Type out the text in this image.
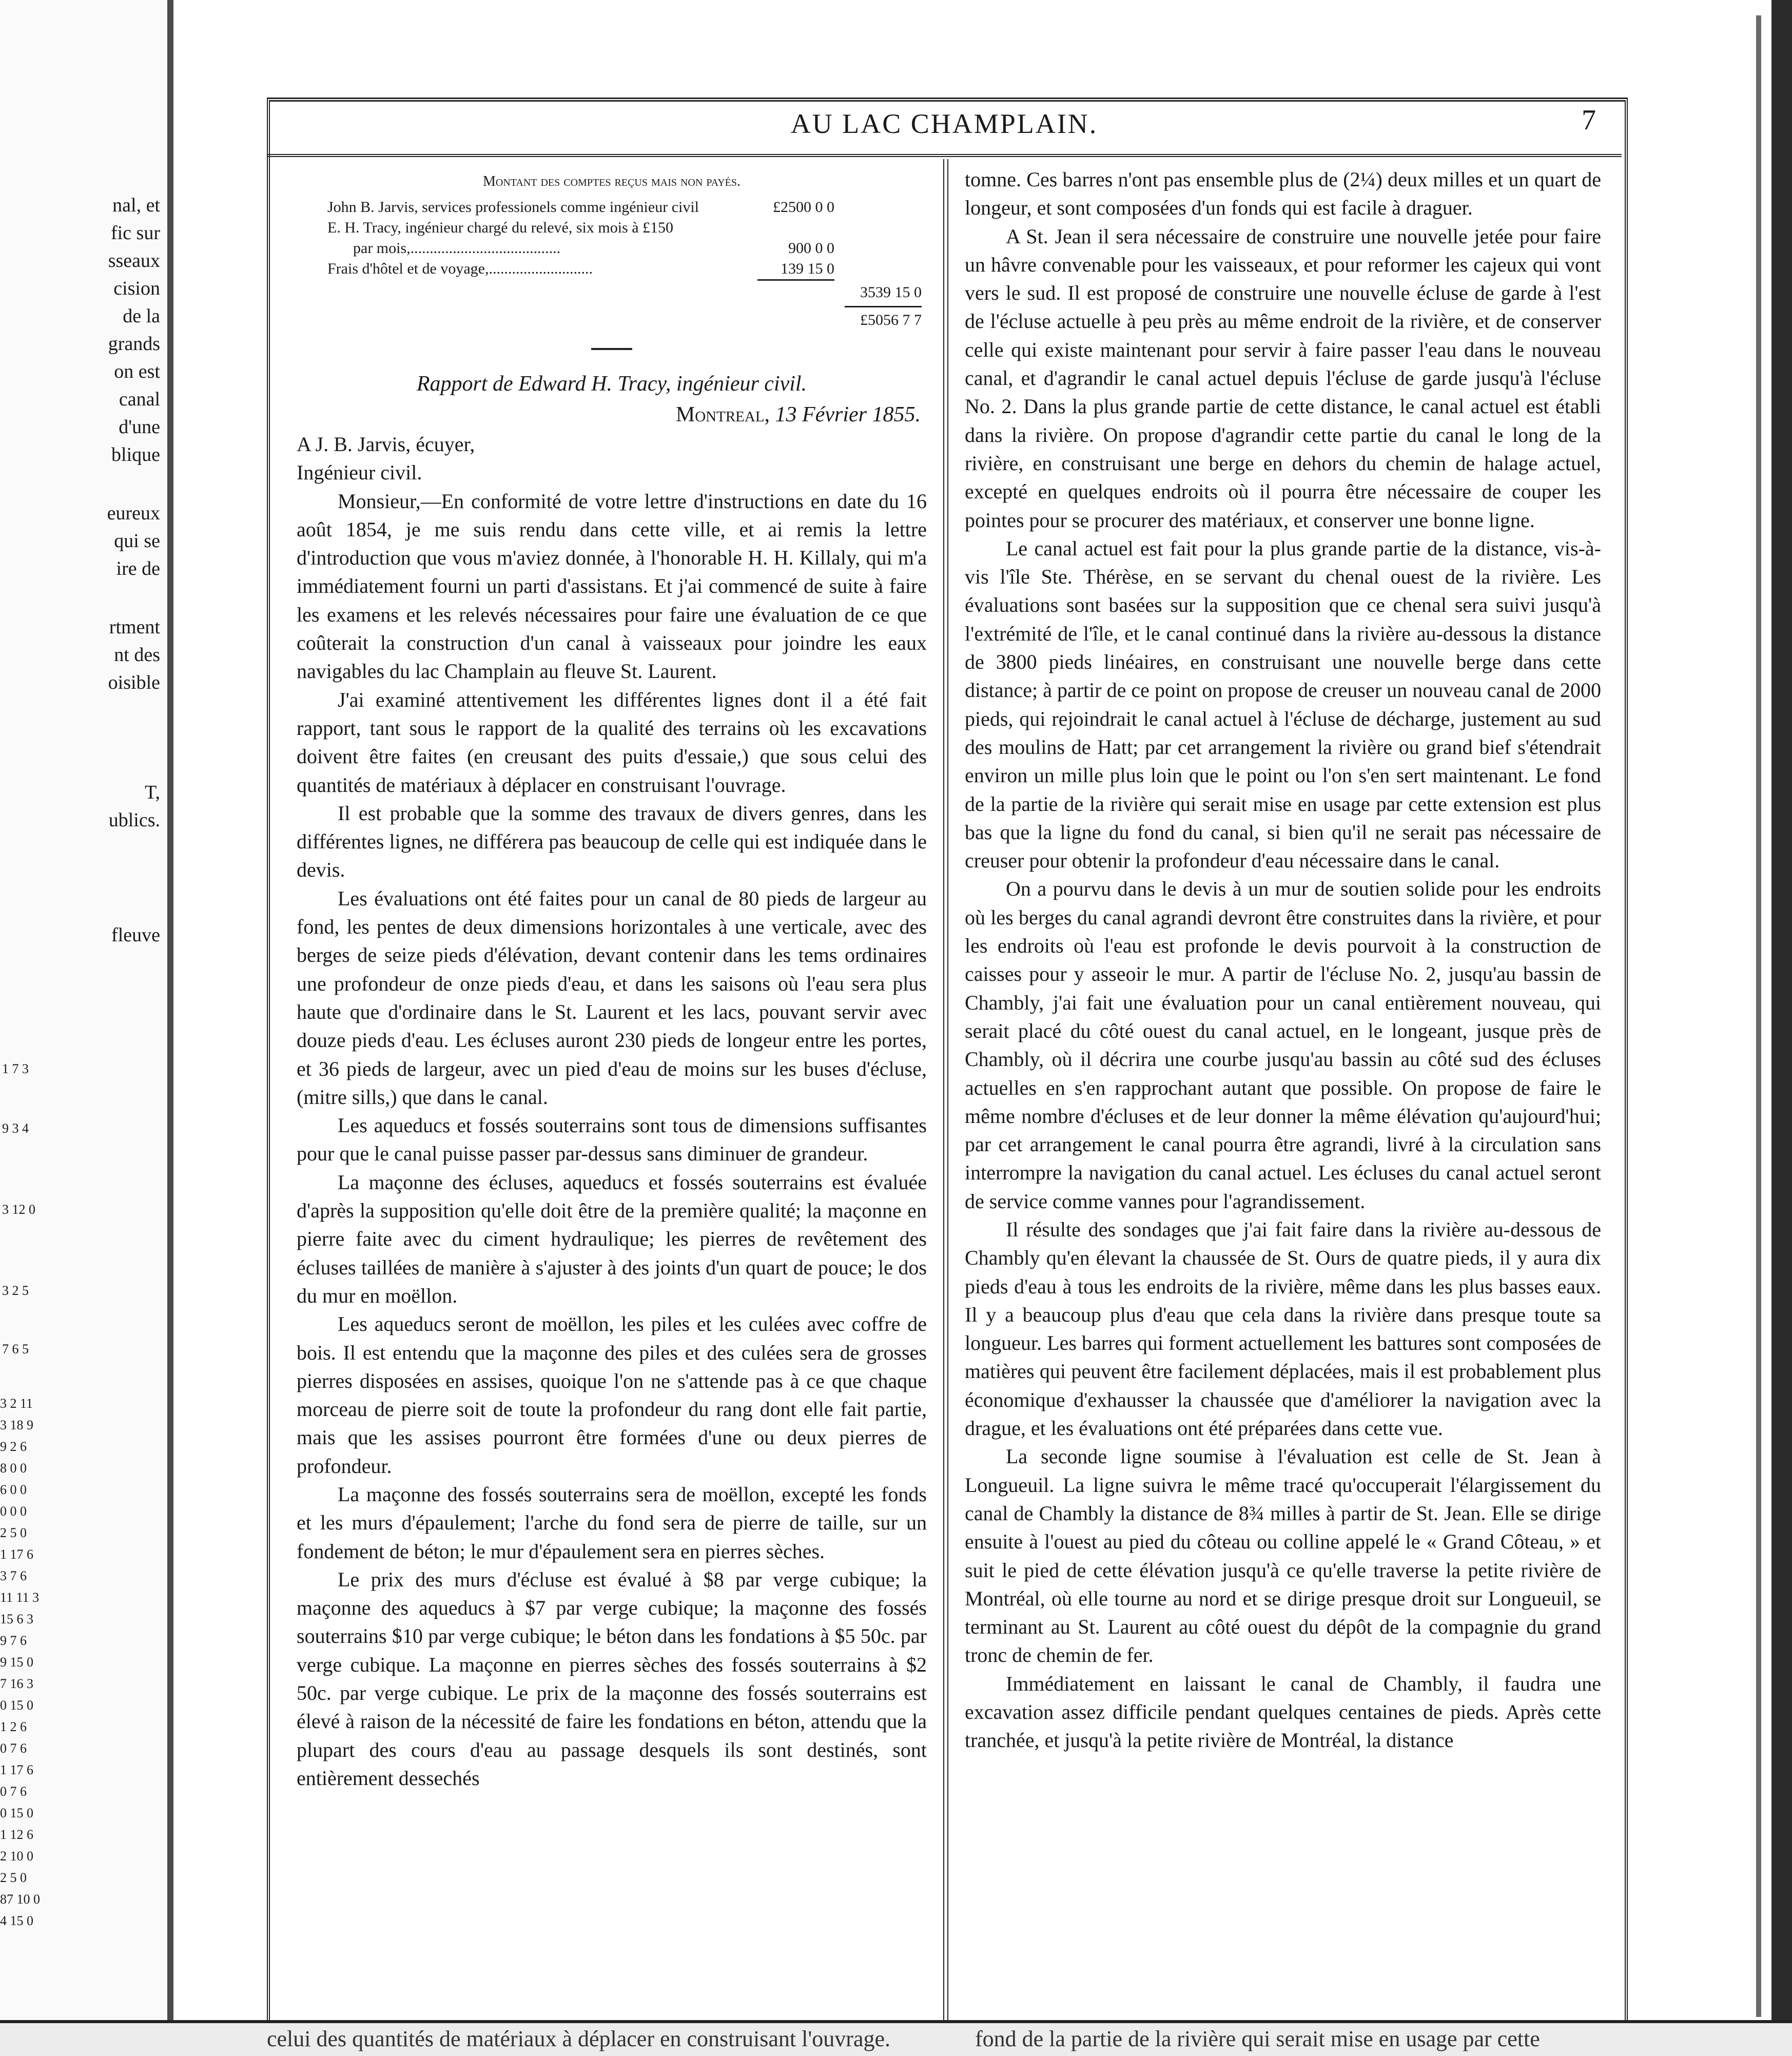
nal, et
fic sur
sseaux
cision
de la
grands
on est
canal
d'une
blique
eureux
qui se
ire de
rtment
nt des
oisible
T,
ublics.
fleuve
1 7 3
9 3 4
3 12 0
3 2 5
7 6 5
3 2 11
3 18 9
9 2 6
8 0 0
6 0 0
0 0 0
2 5 0
1 17 6
3 7 6
11 11 3
15 6 3
9 7 6
9 15 0
7 16 3
0 15 0
1 2 6
0 7 6
1 17 6
0 7 6
0 15 0
1 12 6
2 10 0
2 5 0
87 10 0
4 15 0
AU LAC CHAMPLAIN.	7
Montant des comptes reçus mais non payés.
John B. Jarvis, services professionels comme ingénieur civil	£2500 0 0
E. H. Tracy, ingénieur chargé du relevé, six mois à £150
par mois,.......................................	900 0 0
Frais d'hôtel et de voyage,...........................	139 15 0
3539 15 0
£5056 7 7
Rapport de Edward H. Tracy, ingénieur civil.
Montreal, 13 Février 1855.

A J. B. Jarvis, écuyer,

Ingénieur civil.

Monsieur,—En conformité de votre lettre d'instructions en date du 16 août 1854, je me suis rendu dans cette ville, et ai remis la lettre d'introduction que vous m'aviez donnée, à l'honorable H. H. Killaly, qui m'a immédiatement fourni un parti d'assistans. Et j'ai commencé de suite à faire les examens et les relevés nécessaires pour faire une évaluation de ce que coûterait la construction d'un canal à vaisseaux pour joindre les eaux navigables du lac Champlain au fleuve St. Laurent.

J'ai examiné attentivement les différentes lignes dont il a été fait rapport, tant sous le rapport de la qualité des terrains où les excavations doivent être faites (en creusant des puits d'essaie,) que sous celui des quantités de matériaux à déplacer en construisant l'ouvrage.

Il est probable que la somme des travaux de divers genres, dans les différentes lignes, ne différera pas beaucoup de celle qui est indiquée dans le devis.

Les évaluations ont été faites pour un canal de 80 pieds de largeur au fond, les pentes de deux dimensions horizontales à une verticale, avec des berges de seize pieds d'élévation, devant contenir dans les tems ordinaires une profondeur de onze pieds d'eau, et dans les saisons où l'eau sera plus haute que d'ordinaire dans le St. Laurent et les lacs, pouvant servir avec douze pieds d'eau. Les écluses auront 230 pieds de longeur entre les portes, et 36 pieds de largeur, avec un pied d'eau de moins sur les buses d'écluse, (mitre sills,) que dans le canal.

Les aqueducs et fossés souterrains sont tous de dimensions suffisantes pour que le canal puisse passer par-dessus sans diminuer de grandeur.

La maçonne des écluses, aqueducs et fossés souterrains est évaluée d'après la supposition qu'elle doit être de la première qualité; la maçonne en pierre faite avec du ciment hydraulique; les pierres de revêtement des écluses taillées de manière à s'ajuster à des joints d'un quart de pouce; le dos du mur en moëllon.

Les aqueducs seront de moëllon, les piles et les culées avec coffre de bois. Il est entendu que la maçonne des piles et des culées sera de grosses pierres disposées en assises, quoique l'on ne s'attende pas à ce que chaque morceau de pierre soit de toute la profondeur du rang dont elle fait partie, mais que les assises pourront être formées d'une ou deux pierres de profondeur.

La maçonne des fossés souterrains sera de moëllon, excepté les fonds et les murs d'épaulement; l'arche du fond sera de pierre de taille, sur un fondement de béton; le mur d'épaulement sera en pierres sèches.

Le prix des murs d'écluse est évalué à $8 par verge cubique; la maçonne des aqueducs à $7 par verge cubique; la maçonne des fossés souterrains $10 par verge cubique; le béton dans les fondations à $5 50c. par verge cubique. La maçonne en pierres sèches des fossés souterrains à $2 50c. par verge cubique. Le prix de la maçonne des fossés souterrains est élevé à raison de la nécessité de faire les fondations en béton, attendu que la plupart des cours d'eau au passage desquels ils sont destinés, sont entièrement dessechés

tomne. Ces barres n'ont pas ensemble plus de (2¼) deux milles et un quart de longeur, et sont composées d'un fonds qui est facile à draguer.

A St. Jean il sera nécessaire de construire une nouvelle jetée pour faire un hâvre convenable pour les vaisseaux, et pour reformer les cajeux qui vont vers le sud. Il est proposé de construire une nouvelle écluse de garde à l'est de l'écluse actuelle à peu près au même endroit de la rivière, et de conserver celle qui existe maintenant pour servir à faire passer l'eau dans le nouveau canal, et d'agrandir le canal actuel depuis l'écluse de garde jusqu'à l'écluse No. 2. Dans la plus grande partie de cette distance, le canal actuel est établi dans la rivière. On propose d'agrandir cette partie du canal le long de la rivière, en construisant une berge en dehors du chemin de halage actuel, excepté en quelques endroits où il pourra être nécessaire de couper les pointes pour se procurer des matériaux, et conserver une bonne ligne.

Le canal actuel est fait pour la plus grande partie de la distance, vis-à-vis l'île Ste. Thérèse, en se servant du chenal ouest de la rivière. Les évaluations sont basées sur la supposition que ce chenal sera suivi jusqu'à l'extrémité de l'île, et le canal continué dans la rivière au-dessous la distance de 3800 pieds linéaires, en construisant une nouvelle berge dans cette distance; à partir de ce point on propose de creuser un nouveau canal de 2000 pieds, qui rejoindrait le canal actuel à l'écluse de décharge, justement au sud des moulins de Hatt; par cet arrangement la rivière ou grand bief s'étendrait environ un mille plus loin que le point ou l'on s'en sert maintenant. Le fond de la partie de la rivière qui serait mise en usage par cette extension est plus bas que la ligne du fond du canal, si bien qu'il ne serait pas nécessaire de creuser pour obtenir la profondeur d'eau nécessaire dans le canal.

On a pourvu dans le devis à un mur de soutien solide pour les endroits où les berges du canal agrandi devront être construites dans la rivière, et pour les endroits où l'eau est profonde le devis pourvoit à la construction de caisses pour y asseoir le mur. A partir de l'écluse No. 2, jusqu'au bassin de Chambly, j'ai fait une évaluation pour un canal entièrement nouveau, qui serait placé du côté ouest du canal actuel, en le longeant, jusque près de Chambly, où il décrira une courbe jusqu'au bassin au côté sud des écluses actuelles en s'en rapprochant autant que possible. On propose de faire le même nombre d'écluses et de leur donner la même élévation qu'aujourd'hui; par cet arrangement le canal pourra être agrandi, livré à la circulation sans interrompre la navigation du canal actuel. Les écluses du canal actuel seront de service comme vannes pour l'agrandissement.

Il résulte des sondages que j'ai fait faire dans la rivière au-dessous de Chambly qu'en élevant la chaussée de St. Ours de quatre pieds, il y aura dix pieds d'eau à tous les endroits de la rivière, même dans les plus basses eaux. Il y a beaucoup plus d'eau que cela dans la rivière dans presque toute sa longueur. Les barres qui forment actuellement les battures sont composées de matières qui peuvent être facilement déplacées, mais il est probablement plus économique d'exhausser la chaussée que d'améliorer la navigation avec la drague, et les évaluations ont été préparées dans cette vue.

La seconde ligne soumise à l'évaluation est celle de St. Jean à Longueuil. La ligne suivra le même tracé qu'occuperait l'élargissement du canal de Chambly la distance de 8¾ milles à partir de St. Jean. Elle se dirige ensuite à l'ouest au pied du côteau ou colline appelé le « Grand Côteau, » et suit le pied de cette élévation jusqu'à ce qu'elle traverse la petite rivière de Montréal, où elle tourne au nord et se dirige presque droit sur Longueuil, se terminant au St. Laurent au côté ouest du dépôt de la compagnie du grand tronc de chemin de fer.

Immédiatement en laissant le canal de Chambly, il faudra une excavation assez difficile pendant quelques centaines de pieds. Après cette tranchée, et jusqu'à la petite rivière de Montréal, la distance

celui des quantités de matériaux à déplacer en construisant l'ouvrage.	fond de la partie de la rivière qui serait mise en usage par cette
